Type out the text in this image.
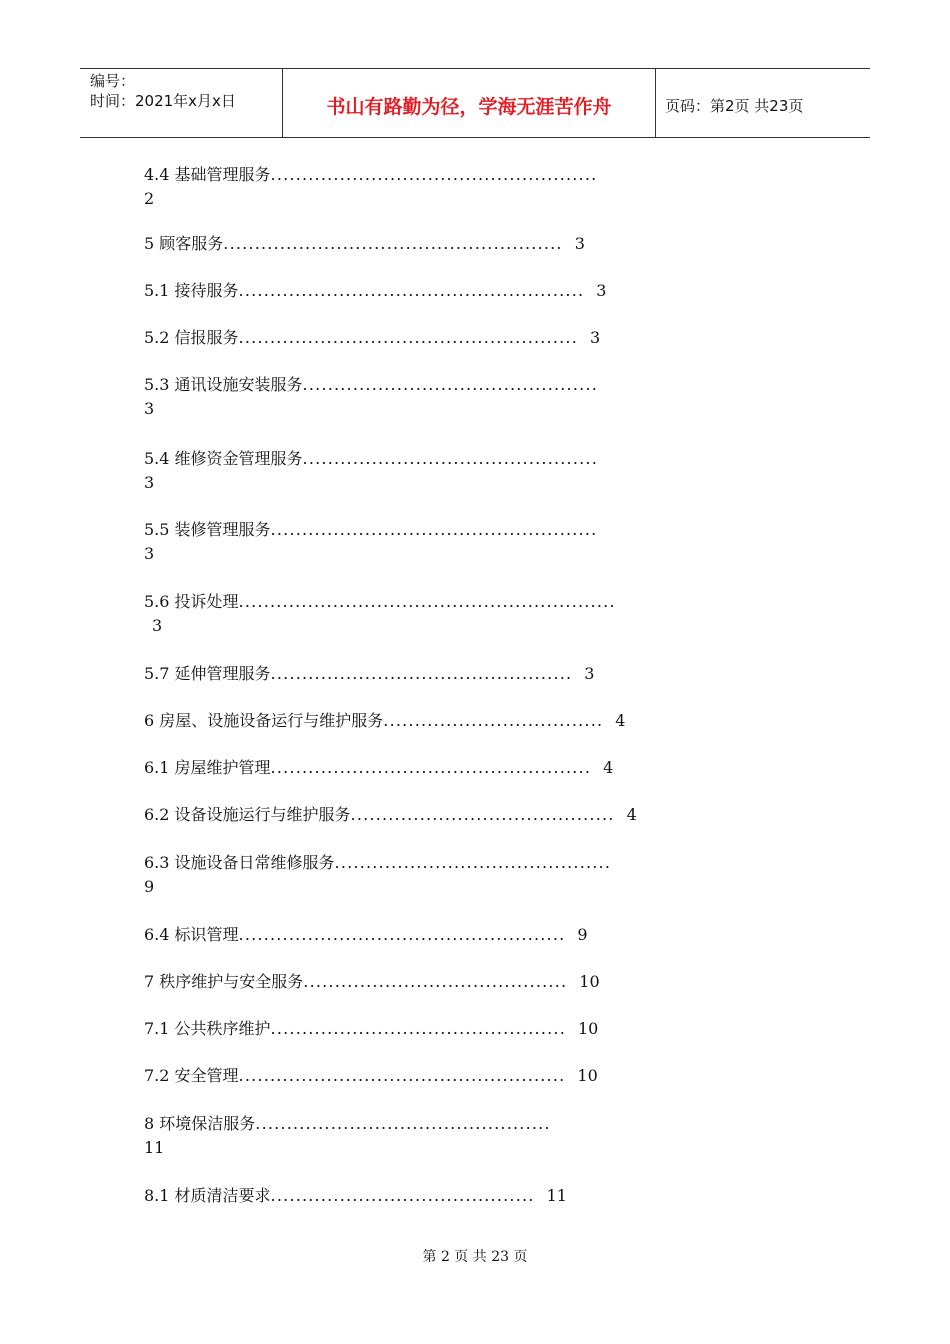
编号：
时间：2021年x月x日	书山有路勤为径，学海无涯苦作舟	页码：第2页 共23页
4.4 基础管理服务....................................................
2
5 顾客服务...................................................... 3
5.1 接待服务....................................................... 3
5.2 信报服务...................................................... 3
5.3 通讯设施安装服务...............................................
3
5.4 维修资金管理服务...............................................
3
5.5 装修管理服务....................................................
3
5.6 投诉处理............................................................
3
5.7 延伸管理服务................................................ 3
6 房屋、设施设备运行与维护服务................................... 4
6.1 房屋维护管理................................................... 4
6.2 设备设施运行与维护服务.......................................... 4
6.3 设施设备日常维修服务............................................
9
6.4 标识管理.................................................... 9
7 秩序维护与安全服务.......................................... 10
7.1 公共秩序维护............................................... 10
7.2 安全管理.................................................... 10
8 环境保洁服务...............................................
11
8.1 材质清洁要求.......................................... 11
第 2 页 共 23 页
